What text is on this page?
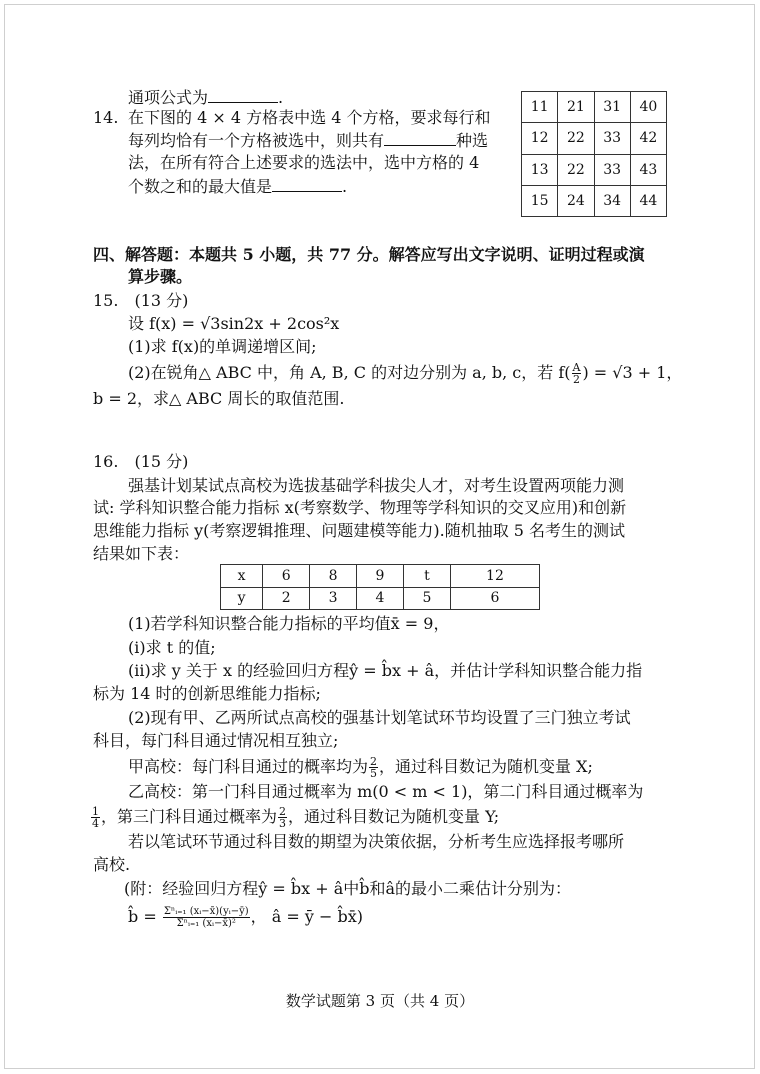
通项公式为	.
14. 在下图的 4 × 4 方格表中选 4 个方格，要求每行和
每列均恰有一个方格被选中，则共有	种选
法，在所有符合上述要求的选法中，选中方格的 4
个数之和的最大值是	.
11	21	31	40
12	22	33	42
13	22	33	43
15	24	34	44
四、解答题：本题共 5 小题，共 77 分。解答应写出文字说明、证明过程或演
算步骤。
15.　(13 分)
设 f(x) = √3sin2x + 2cos²x
(1)求 f(x)的单调递增区间;
(2)在锐角△ ABC 中，角 A, B, C 的对边分别为 a, b, c，若 $f( \frac{A}{2}$ ) = √3 + 1，
b = 2，求△ ABC 周长的取值范围.
16.　(15 分)
强基计划某试点高校为选拔基础学科拔尖人才，对考生设置两项能力测
试: 学科知识整合能力指标 x(考察数学、物理等学科知识的交叉应用)和创新
思维能力指标 y(考察逻辑推理、问题建模等能力).随机抽取 5 名考生的测试
结果如下表：
x	6	8	9	t	12
y	2	3	4	5	6
(1)若学科知识整合能力指标的平均值x̄ = 9，
(i)求 t 的值;
(ii)求 y 关于 x 的经验回归方程ŷ = b̂x + â，并估计学科知识整合能力指
标为 14 时的创新思维能力指标;
(2)现有甲、乙两所试点高校的强基计划笔试环节均设置了三门独立考试
科目，每门科目通过情况相互独立;
甲高校：每门科目通过的概率均为 $\frac{2}{5}$ ，通过科目数记为随机变量 X;
乙高校：第一门科目通过概率为 m(0 < m < 1)，第二门科目通过概率为
$\frac{1}{4}$ ，第三门科目通过概率为 $\frac{2}{3}$ ，通过科目数记为随机变量 Y;
若以笔试环节通过科目数的期望为决策依据，分析考生应选择报考哪所
高校.
(附：经验回归方程ŷ = b̂x + â中b̂和â的最小二乘估计分别为：
b̂ = $\frac{\text{Σⁿᵢ₌₁ (xᵢ−x̄)(yᵢ−ȳ)}}{\text{Σⁿᵢ₌₁ (xᵢ−x̄)²}}$ ， â = ȳ − b̂x̄)
数学试题第 3 页（共 4 页）
